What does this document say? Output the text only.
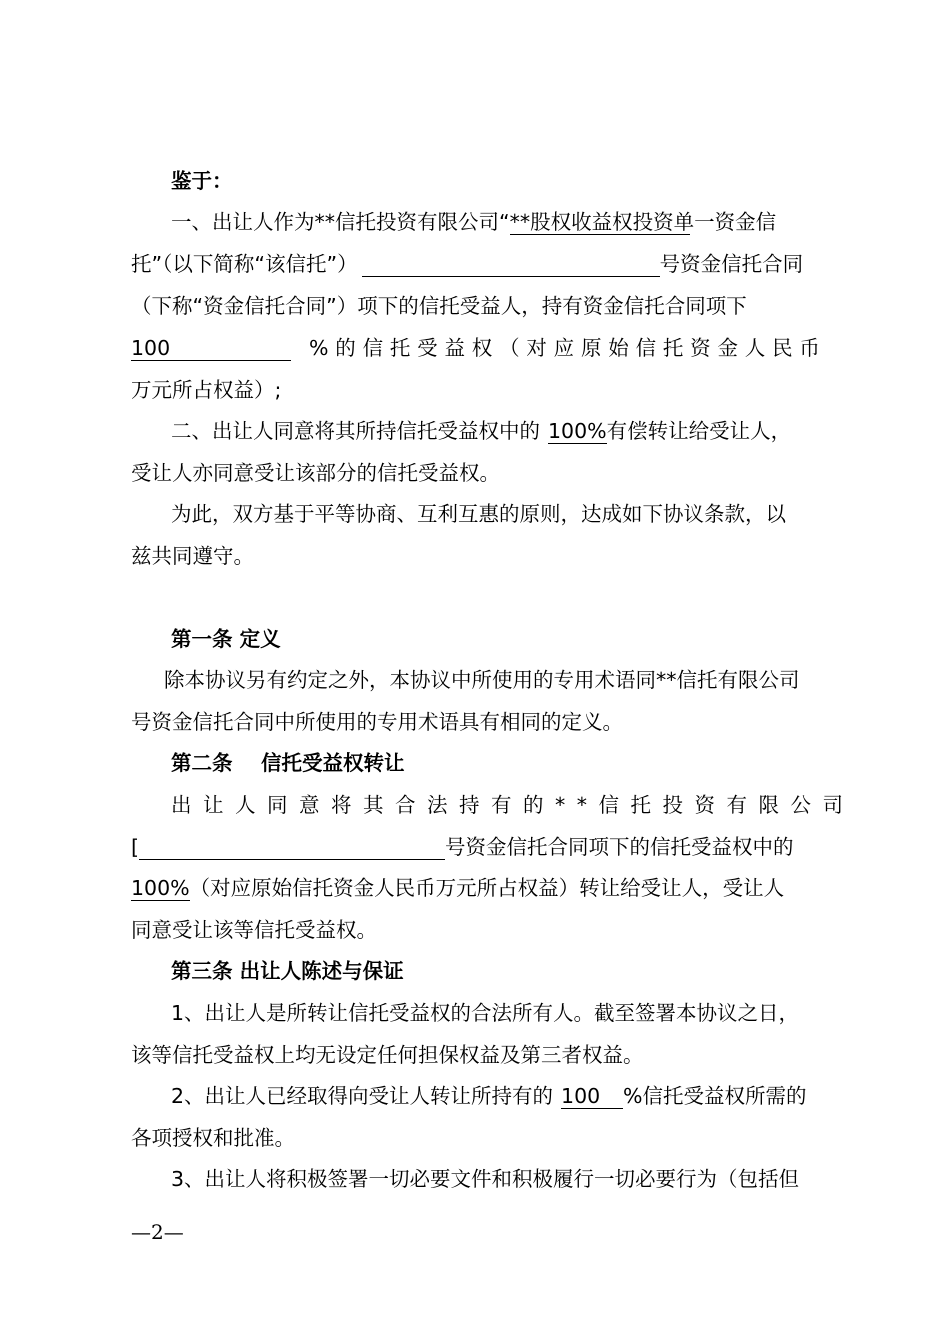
鉴于：
一、出让人作为**信托投资有限公司“**股权收益权投资单一资金信
托”（以下简称“该信托”）	号资金信托合同
（下称“资金信托合同”）项下的信托受益人，持有资金信托合同项下
100	%的信托受益权（对应原始信托资金人民币
万元所占权益）;
二、出让人同意将其所持信托受益权中的 100%有偿转让给受让人，
受让人亦同意受让该部分的信托受益权。
为此，双方基于平等协商、互利互惠的原则，达成如下协议条款，以
兹共同遵守。
第一条 定义
除本协议另有约定之外，本协议中所使用的专用术语同**信托有限公司
号资金信托合同中所使用的专用术语具有相同的定义。
第二条    信托受益权转让
出让人同意将其合法持有的**信托投资有限公司
[	号资金信托合同项下的信托受益权中的
100%（对应原始信托资金人民币万元所占权益）转让给受让人，受让人
同意受让该等信托受益权。
第三条 出让人陈述与保证
1、出让人是所转让信托受益权的合法所有人。截至签署本协议之日，
该等信托受益权上均无设定任何担保权益及第三者权益。
2、出让人已经取得向受让人转让所持有的 100 %信托受益权所需的
各项授权和批准。
3、出让人将积极签署一切必要文件和积极履行一切必要行为（包括但
—2—
